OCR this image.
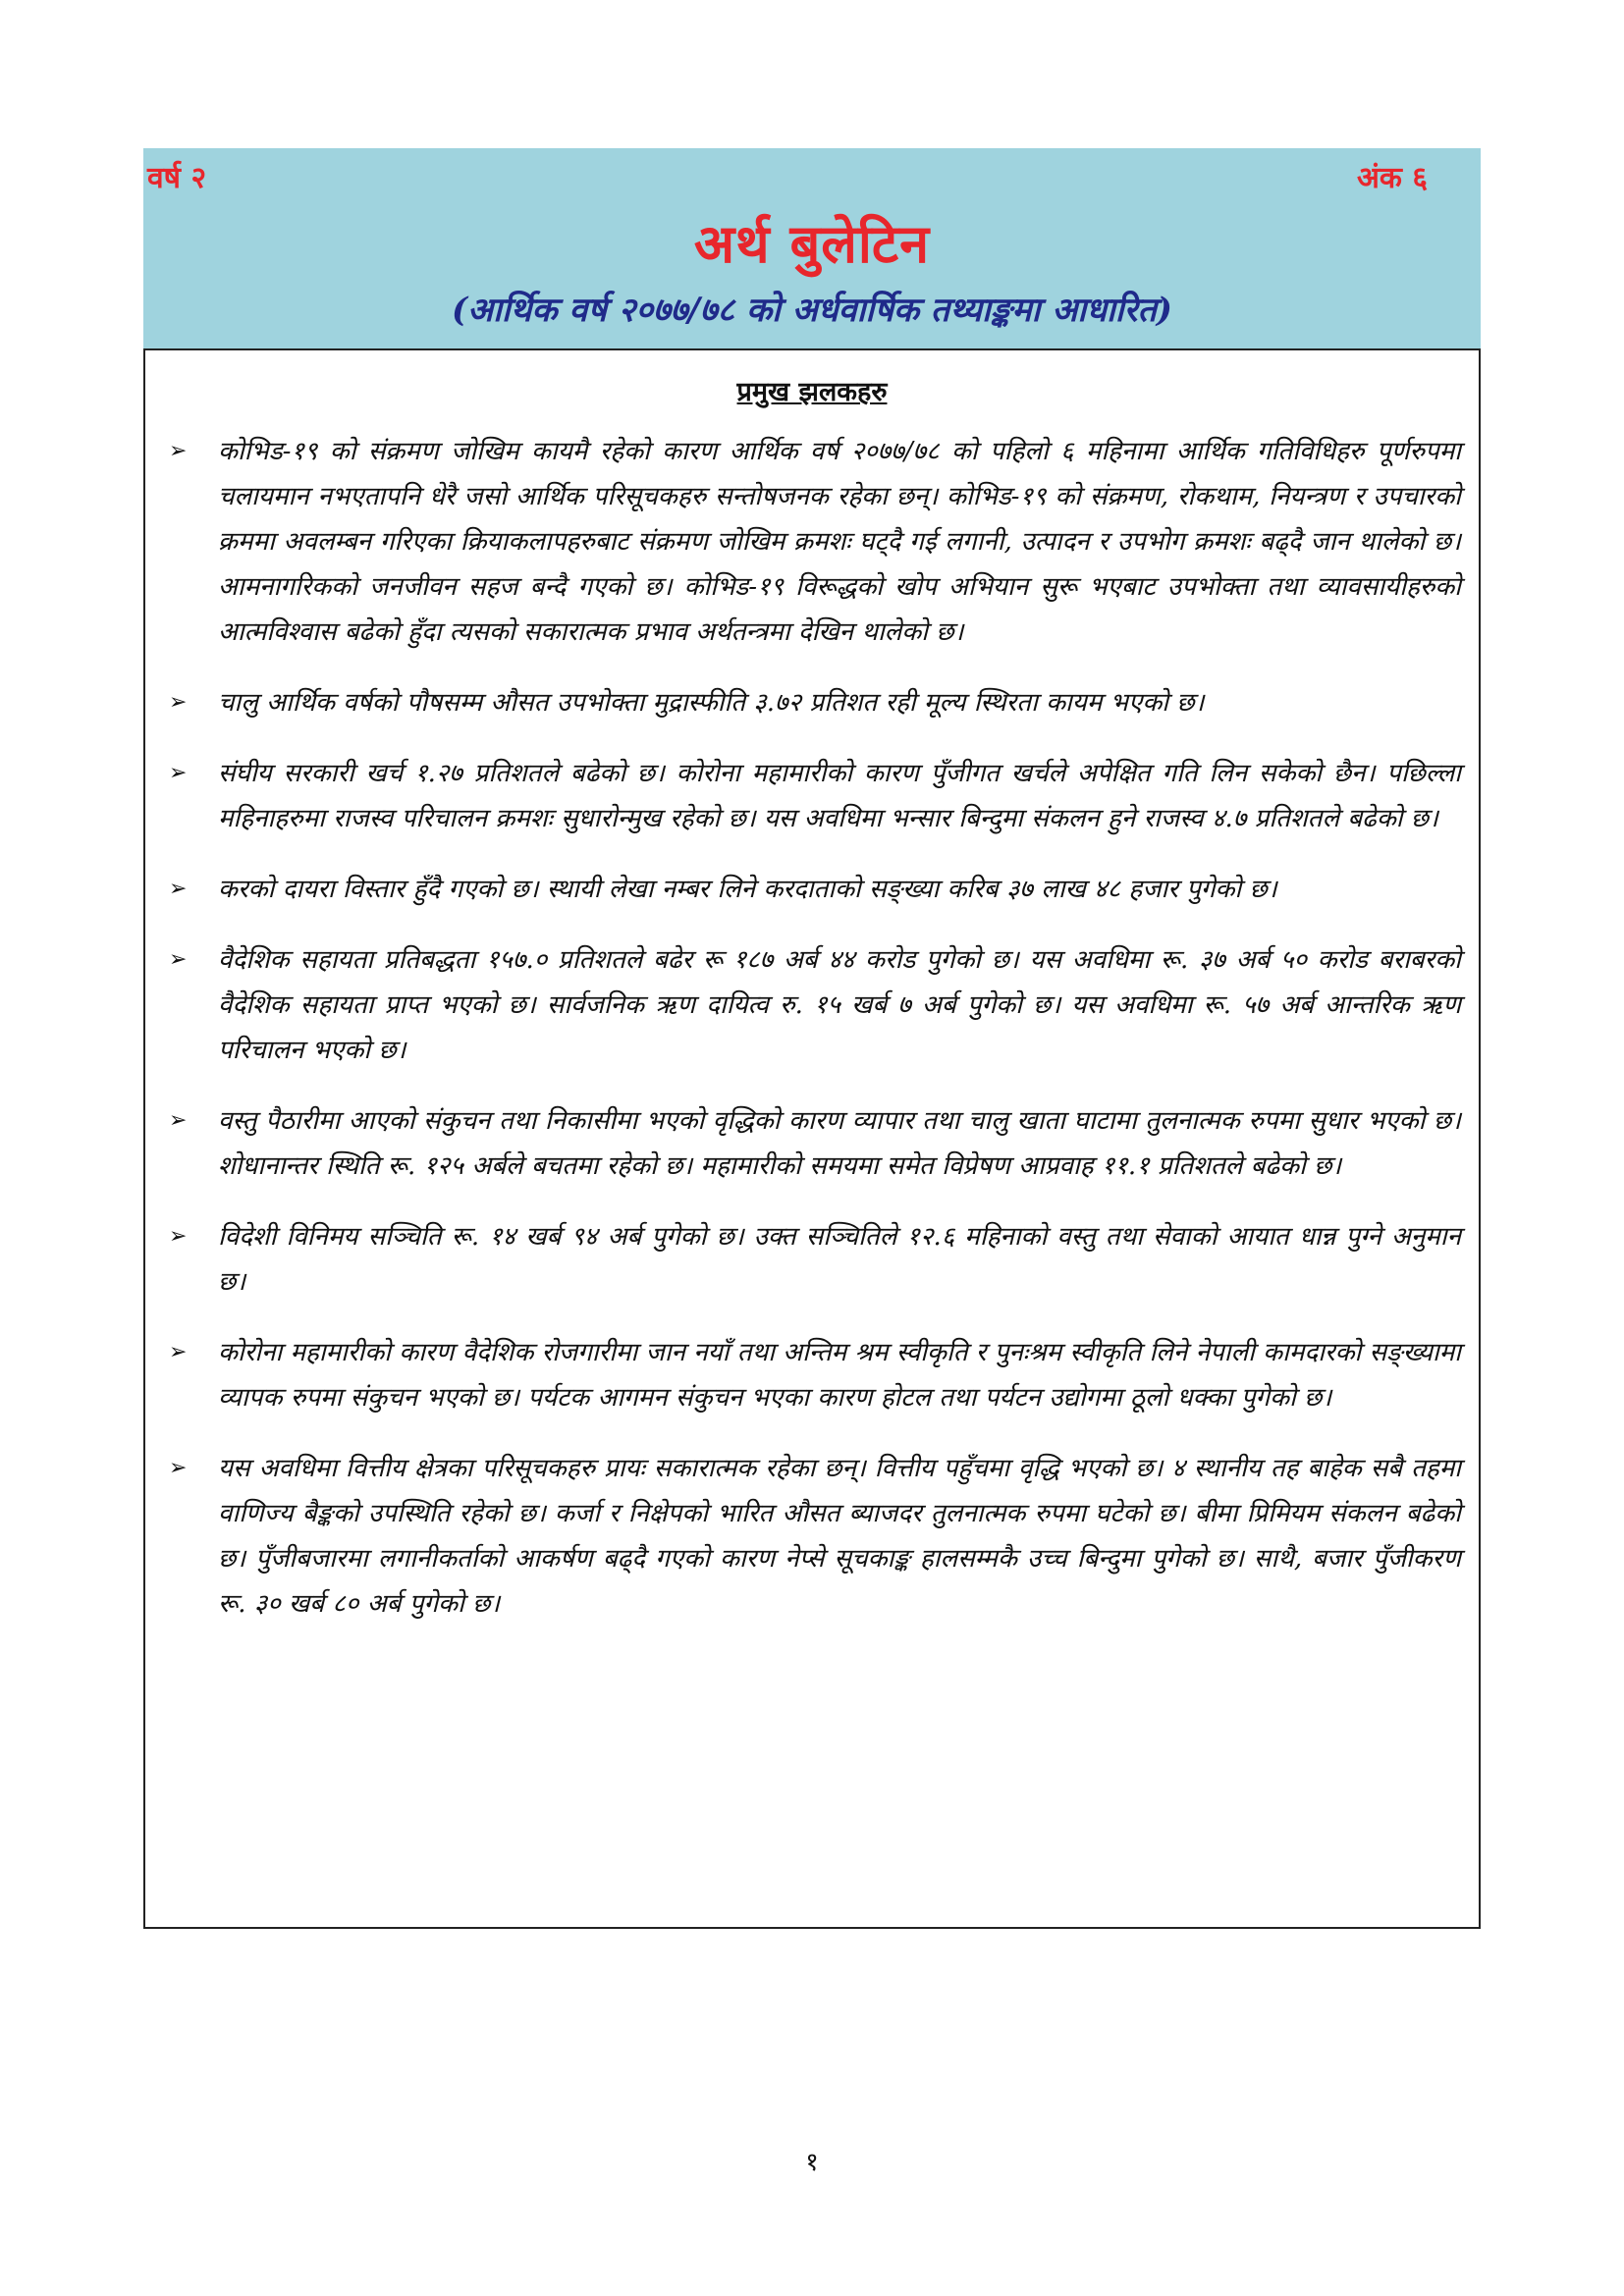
वर्ष २	अंक ६
अर्थ बुलेटिन
(आर्थिक वर्ष २०७७/७८ को अर्धवार्षिक तथ्याङ्कमा आधारित)
प्रमुख झलकहरु
➢ कोभिड-१९ को संक्रमण जोखिम कायमै रहेको कारण आर्थिक वर्ष २०७७/७८ को पहिलो ६ महिनामा आर्थिक गतिविधिहरु पूर्णरुपमा चलायमान नभएतापनि धेरै जसो आर्थिक परिसूचकहरु सन्तोषजनक रहेका छन्। कोभिड-१९ को संक्रमण, रोकथाम, नियन्त्रण र उपचारको क्रममा अवलम्बन गरिएका क्रियाकलापहरुबाट संक्रमण जोखिम क्रमशः घट्दै गई लगानी, उत्पादन र उपभोग क्रमशः बढ्दै जान थालेको छ। आमनागरिकको जनजीवन सहज बन्दै गएको छ। कोभिड-१९ विरूद्धको खोप अभियान सुरू भएबाट उपभोक्ता तथा व्यावसायीहरुको आत्मविश्वास बढेको हुँदा त्यसको सकारात्मक प्रभाव अर्थतन्त्रमा देखिन थालेको छ।
➢ चालु आर्थिक वर्षको पौषसम्म औसत उपभोक्ता मुद्रास्फीति ३.७२ प्रतिशत रही मूल्य स्थिरता कायम भएको छ।
➢ संघीय सरकारी खर्च १.२७ प्रतिशतले बढेको छ। कोरोना महामारीको कारण पुँजीगत खर्चले अपेक्षित गति लिन सकेको छैन। पछिल्ला महिनाहरुमा राजस्व परिचालन क्रमशः सुधारोन्मुख रहेको छ। यस अवधिमा भन्सार बिन्दुमा संकलन हुने राजस्व ४.७ प्रतिशतले बढेको छ।
➢ करको दायरा विस्तार हुँदै गएको छ। स्थायी लेखा नम्बर लिने करदाताको सङ्ख्या करिब ३७ लाख ४८ हजार पुगेको छ।
➢ वैदेशिक सहायता प्रतिबद्धता १५७.० प्रतिशतले बढेर रू १८७ अर्ब ४४ करोड पुगेको छ। यस अवधिमा रू. ३७ अर्ब ५० करोड बराबरको वैदेशिक सहायता प्राप्त भएको छ। सार्वजनिक ऋण दायित्व रु. १५ खर्ब ७ अर्ब पुगेको छ। यस अवधिमा रू. ५७ अर्ब आन्तरिक ऋण परिचालन भएको छ।
➢ वस्तु पैठारीमा आएको संकुचन तथा निकासीमा भएको वृद्धिको कारण व्यापार तथा चालु खाता घाटामा तुलनात्मक रुपमा सुधार भएको छ। शोधानान्तर स्थिति रू. १२५ अर्बले बचतमा रहेको छ। महामारीको समयमा समेत विप्रेषण आप्रवाह ११.१ प्रतिशतले बढेको छ।
➢ विदेशी विनिमय सञ्चिति रू. १४ खर्ब ९४ अर्ब पुगेको छ। उक्त सञ्चितिले १२.६ महिनाको वस्तु तथा सेवाको आयात धान्न पुग्ने अनुमान छ।
➢ कोरोना महामारीको कारण वैदेशिक रोजगारीमा जान नयाँ तथा अन्तिम श्रम स्वीकृति र पुनःश्रम स्वीकृति लिने नेपाली कामदारको सङ्ख्यामा व्यापक रुपमा संकुचन भएको छ। पर्यटक आगमन संकुचन भएका कारण होटल तथा पर्यटन उद्योगमा ठूलो धक्का पुगेको छ।
➢ यस अवधिमा वित्तीय क्षेत्रका परिसूचकहरु प्रायः सकारात्मक रहेका छन्। वित्तीय पहुँचमा वृद्धि भएको छ। ४ स्थानीय तह बाहेक सबै तहमा वाणिज्य बैङ्कको उपस्थिति रहेको छ। कर्जा र निक्षेपको भारित औसत ब्याजदर तुलनात्मक रुपमा घटेको छ। बीमा प्रिमियम संकलन बढेको छ। पुँजीबजारमा लगानीकर्ताको आकर्षण बढ्दै गएको कारण नेप्से सूचकाङ्क हालसम्मकै उच्च बिन्दुमा पुगेको छ। साथै, बजार पुँजीकरण रू. ३० खर्ब ८० अर्ब पुगेको छ।
१
